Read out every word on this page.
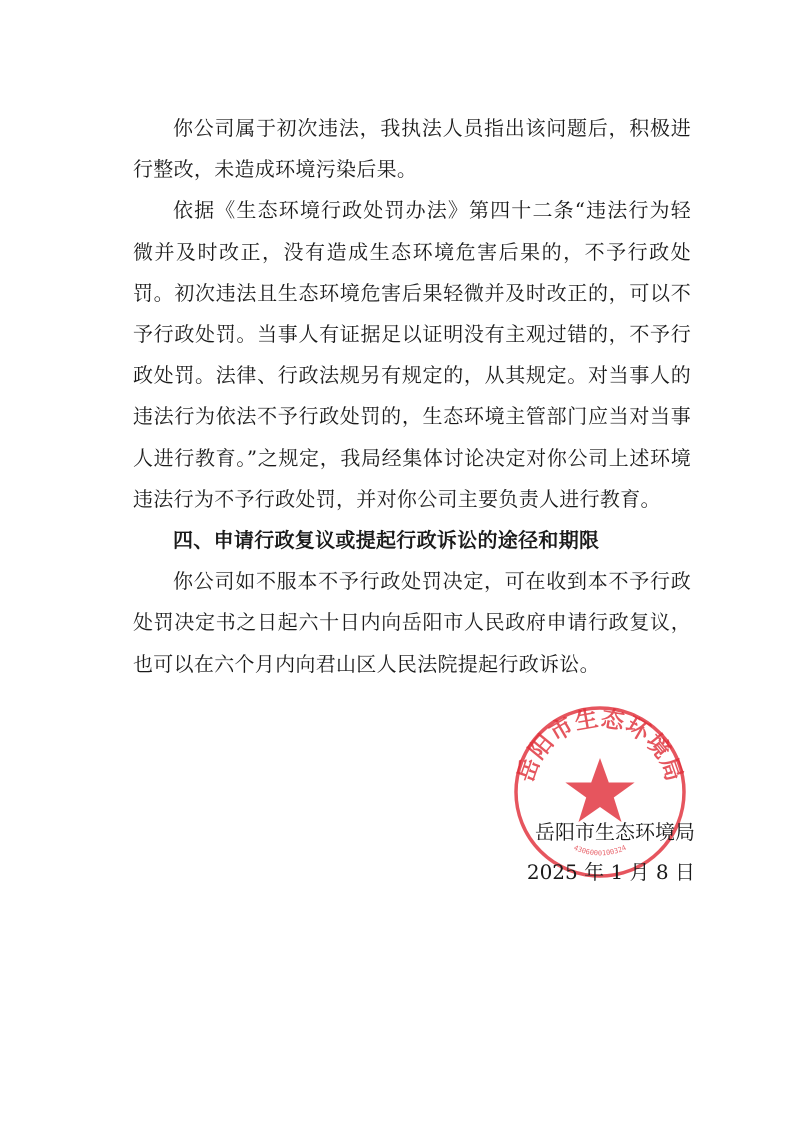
你公司属于初次违法，我执法人员指出该问题后，积极进行整改，未造成环境污染后果。

依据《生态环境行政处罚办法》第四十二条“违法行为轻微并及时改正，没有造成生态环境危害后果的，不予行政处罚。初次违法且生态环境危害后果轻微并及时改正的，可以不予行政处罚。当事人有证据足以证明没有主观过错的，不予行政处罚。法律、行政法规另有规定的，从其规定。对当事人的违法行为依法不予行政处罚的，生态环境主管部门应当对当事人进行教育。”之规定，我局经集体讨论决定对你公司上述环境违法行为不予行政处罚，并对你公司主要负责人进行教育。

四、申请行政复议或提起行政诉讼的途径和期限

你公司如不服本不予行政处罚决定，可在收到本不予行政处罚决定书之日起六十日内向岳阳市人民政府申请行政复议，也可以在六个月内向君山区人民法院提起行政诉讼。

岳阳市生态环境局
4306000100324
岳阳市生态环境局
2025 年 1 月 8 日
